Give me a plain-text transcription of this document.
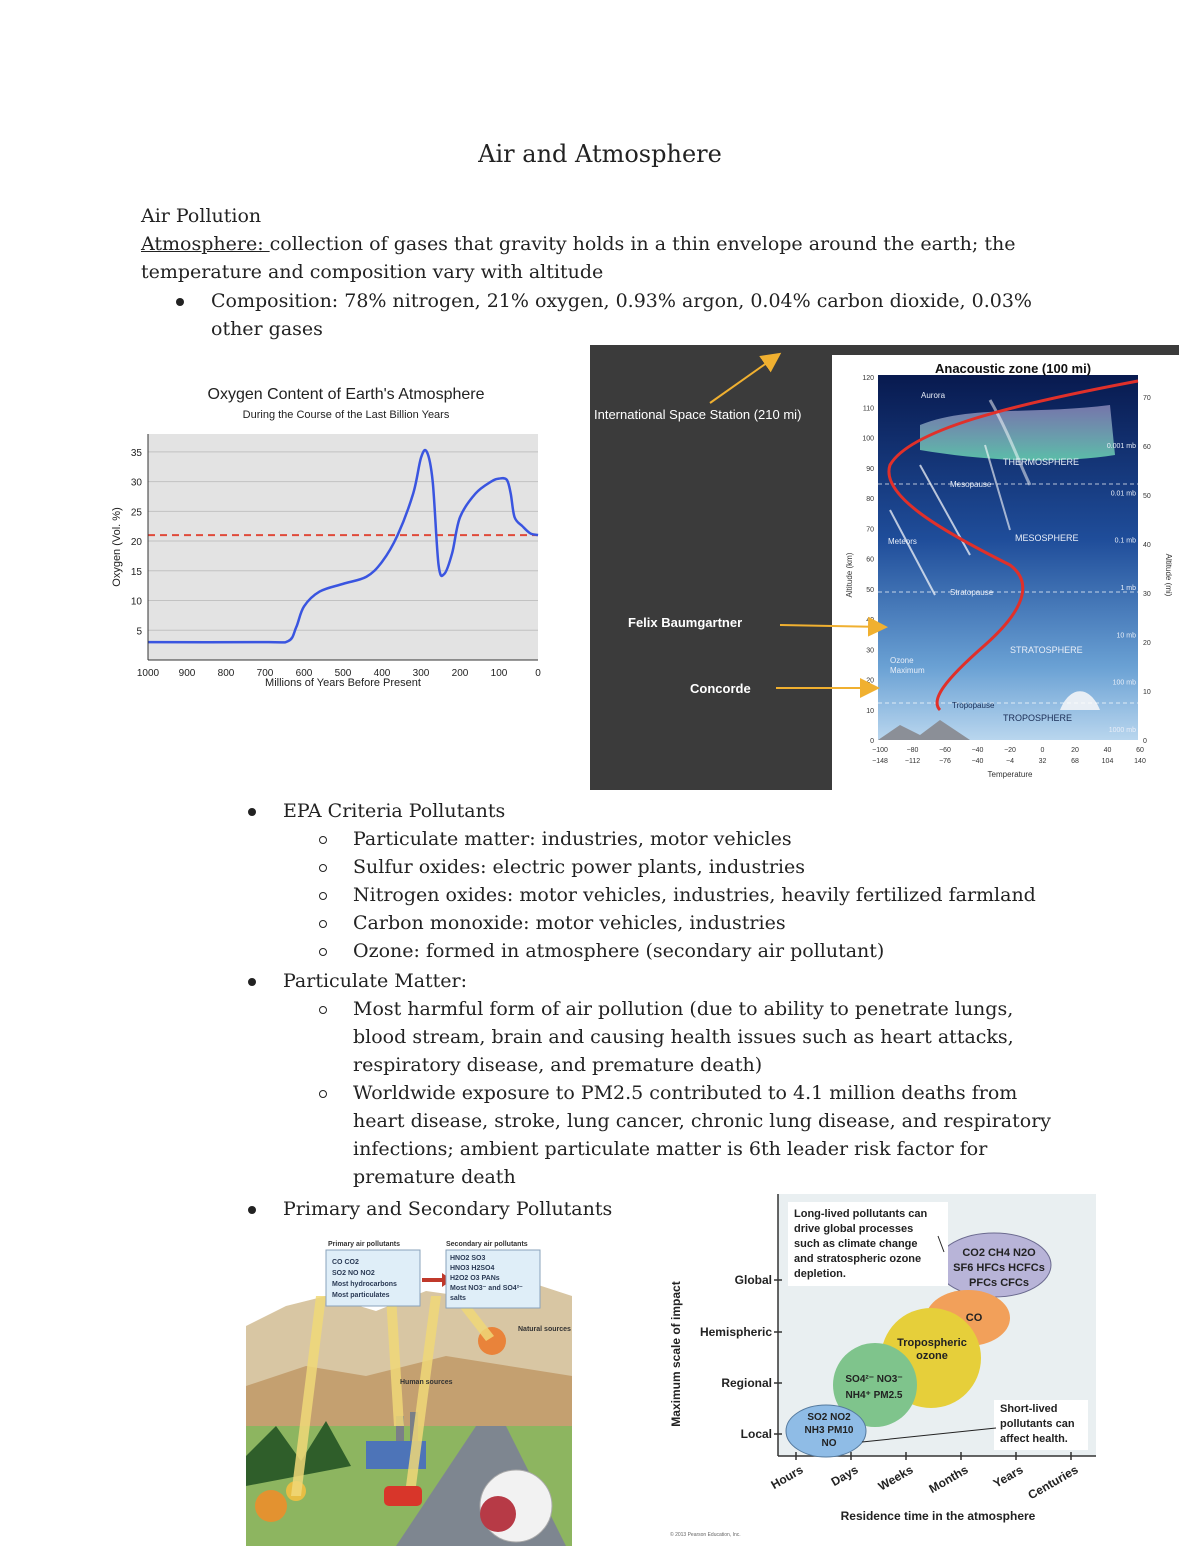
Air and Atmosphere
Air Pollution
Atmosphere: collection of gases that gravity holds in a thin envelope around the earth; the
temperature and composition vary with altitude
Composition: 78% nitrogen, 21% oxygen, 0.93% argon, 0.04% carbon dioxide, 0.03%
other gases
Oxygen Content of Earth's Atmosphere
During the Course of the Last Billion Years
35
30
25
20
15
10
5
1000 900 800 700 600 500 400 300 200 100	0
Oxygen (Vol. %)
Millions of Years Before Present
Anacoustic zone (100 mi)
THERMOSPHERE
Mesopause
MESOSPHERE
Stratopause
STRATOSPHERE
Tropopause
TROPOSPHERE
Ozone
Maximum
Aurora
Meteors
120
110
100
90
80
70
60
50
40
30
20
10
0
70
60
50
40
30
20
10
0
0.001 mb
0.01 mb
0.1 mb
1 mb
10 mb
100 mb
1000 mb
−100	−80	−60	−40	−20	0	20	40	60
−148 −112	−76	−40	−4	32	68	104	140
Altitude (km)	Altitude (mi)
Temperature
International Space Station (210 mi)
Felix Baumgartner
Concorde
EPA Criteria Pollutants
Particulate matter: industries, motor vehicles
Sulfur oxides: electric power plants, industries
Nitrogen oxides: motor vehicles, industries, heavily fertilized farmland
Carbon monoxide: motor vehicles, industries
Ozone: formed in atmosphere (secondary air pollutant)
Particulate Matter:
Most harmful form of air pollution (due to ability to penetrate lungs,
blood stream, brain and causing health issues such as heart attacks,
respiratory disease, and premature death)
Worldwide exposure to PM2.5 contributed to 4.1 million deaths from
heart disease, stroke, lung cancer, chronic lung disease, and respiratory
infections; ambient particulate matter is 6th leader risk factor for
premature death
Primary and Secondary Pollutants
Primary air pollutants
CO CO2
SO2 NO NO2
Most hydrocarbons
Most particulates
Secondary air pollutants
HNO2 SO3
HNO3 H2SO4
H2O2 O3 PANs
Most NO3⁻ and SO4²⁻
salts
Natural sources
Human sources	Maximum scale of impact
Residence time in the atmosphere
Global
Hemispheric
Regional
Local
Hours Days Weeks Months Years Centuries
CO2 CH4 N2O
SF6 HFCs HCFCs
PFCs CFCs
CO
Tropospheric
ozone
SO4²⁻ NO3⁻
NH4⁺ PM2.5
SO2 NO2
NH3 PM10
NO
Long-lived pollutants can
drive global processes
such as climate change
and stratospheric ozone
depletion.
Short-lived
pollutants can
affect health.
© 2013 Pearson Education, Inc.
